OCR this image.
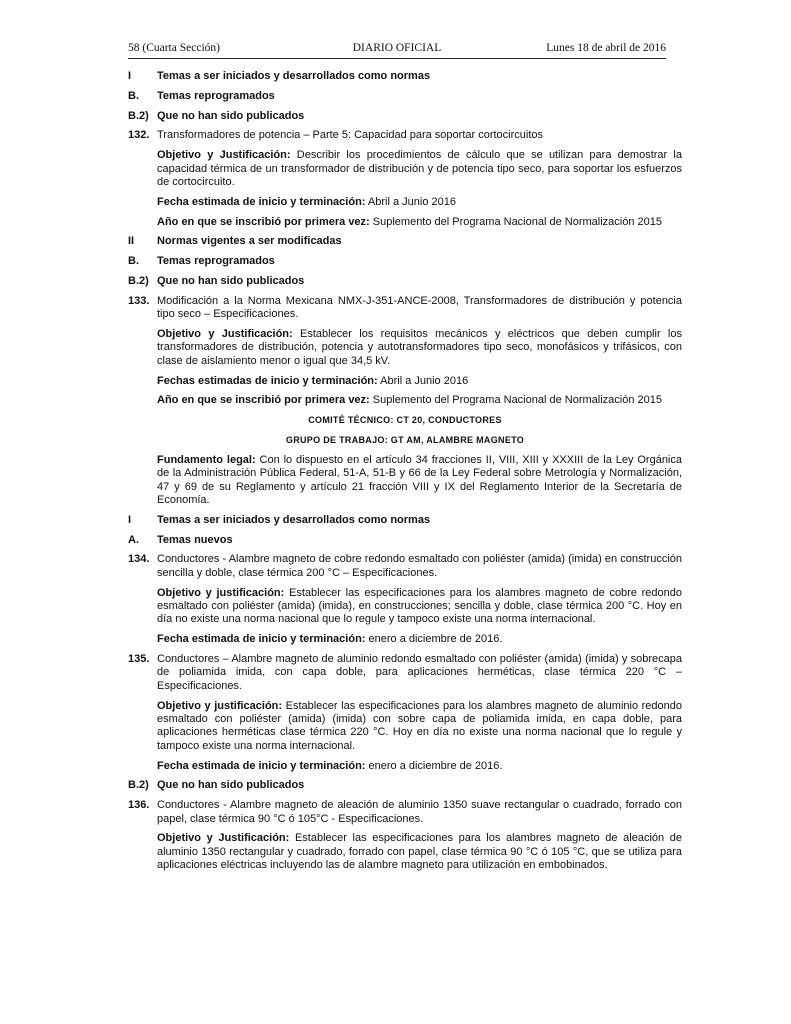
58 (Cuarta Sección)	DIARIO OFICIAL	Lunes 18 de abril de 2016
I	Temas a ser iniciados y desarrollados como normas
B.	Temas reprogramados
B.2) Que no han sido publicados
132. Transformadores de potencia – Parte 5: Capacidad para soportar cortocircuitos
Objetivo y Justificación: Describir los procedimientos de cálculo que se utilizan para demostrar la capacidad térmica de un transformador de distribución y de potencia tipo seco, para soportar los esfuerzos de cortocircuito.
Fecha estimada de inicio y terminación: Abril a Junio 2016
Año en que se inscribió por primera vez: Suplemento del Programa Nacional de Normalización 2015
II	Normas vigentes a ser modificadas
B.	Temas reprogramados
B.2) Que no han sido publicados
133. Modificación a la Norma Mexicana NMX-J-351-ANCE-2008, Transformadores de distribución y potencia tipo seco – Especificaciones.
Objetivo y Justificación: Establecer los requisitos mecánicos y eléctricos que deben cumplir los transformadores de distribución, potencia y autotransformadores tipo seco, monofásicos y trifásicos, con clase de aislamiento menor o igual que 34,5 kV.
Fechas estimadas de inicio y terminación: Abril a Junio 2016
Año en que se inscribió por primera vez: Suplemento del Programa Nacional de Normalización 2015
COMITÉ TÉCNICO: CT 20, CONDUCTORES
GRUPO DE TRABAJO: GT AM, ALAMBRE MAGNETO
Fundamento legal: Con lo dispuesto en el artículo 34 fracciones II, VIII, XIII y XXXIII de la Ley Orgánica de la Administración Pública Federal, 51-A, 51-B y 66 de la Ley Federal sobre Metrología y Normalización, 47 y 69 de su Reglamento y artículo 21 fracción VIII y IX del Reglamento Interior de la Secretaría de Economía.
I	Temas a ser iniciados y desarrollados como normas
A.	Temas nuevos
134. Conductores - Alambre magneto de cobre redondo esmaltado con poliéster (amida) (imida) en construcción sencilla y doble, clase térmica 200 °C – Especificaciones.
Objetivo y justificación: Establecer las especificaciones para los alambres magneto de cobre redondo esmaltado con poliéster (amida) (imida), en construcciones; sencilla y doble, clase térmica 200 °C. Hoy en día no existe una norma nacional que lo regule y tampoco existe una norma internacional.
Fecha estimada de inicio y terminación: enero a diciembre de 2016.
135. Conductores – Alambre magneto de aluminio redondo esmaltado con poliéster (amida) (imida) y sobrecapa de poliamida imida, con capa doble, para aplicaciones herméticas, clase térmica 220 °C – Especificaciones.
Objetivo y justificación: Establecer las especificaciones para los alambres magneto de aluminio redondo esmaltado con poliéster (amida) (imida) con sobre capa de poliamida imida, en capa doble, para aplicaciones herméticas clase térmica 220 °C. Hoy en día no existe una norma nacional que lo regule y tampoco existe una norma internacional.
Fecha estimada de inicio y terminación: enero a diciembre de 2016.
B.2) Que no han sido publicados
136. Conductores - Alambre magneto de aleación de aluminio 1350 suave rectangular o cuadrado, forrado con papel, clase térmica 90 °C ó 105°C - Especificaciones.
Objetivo y Justificación: Establecer las especificaciones para los alambres magneto de aleación de aluminio 1350 rectangular y cuadrado, forrado con papel, clase térmica 90 °C ó 105 °C, que se utiliza para aplicaciones eléctricas incluyendo las de alambre magneto para utilización en embobinados.
